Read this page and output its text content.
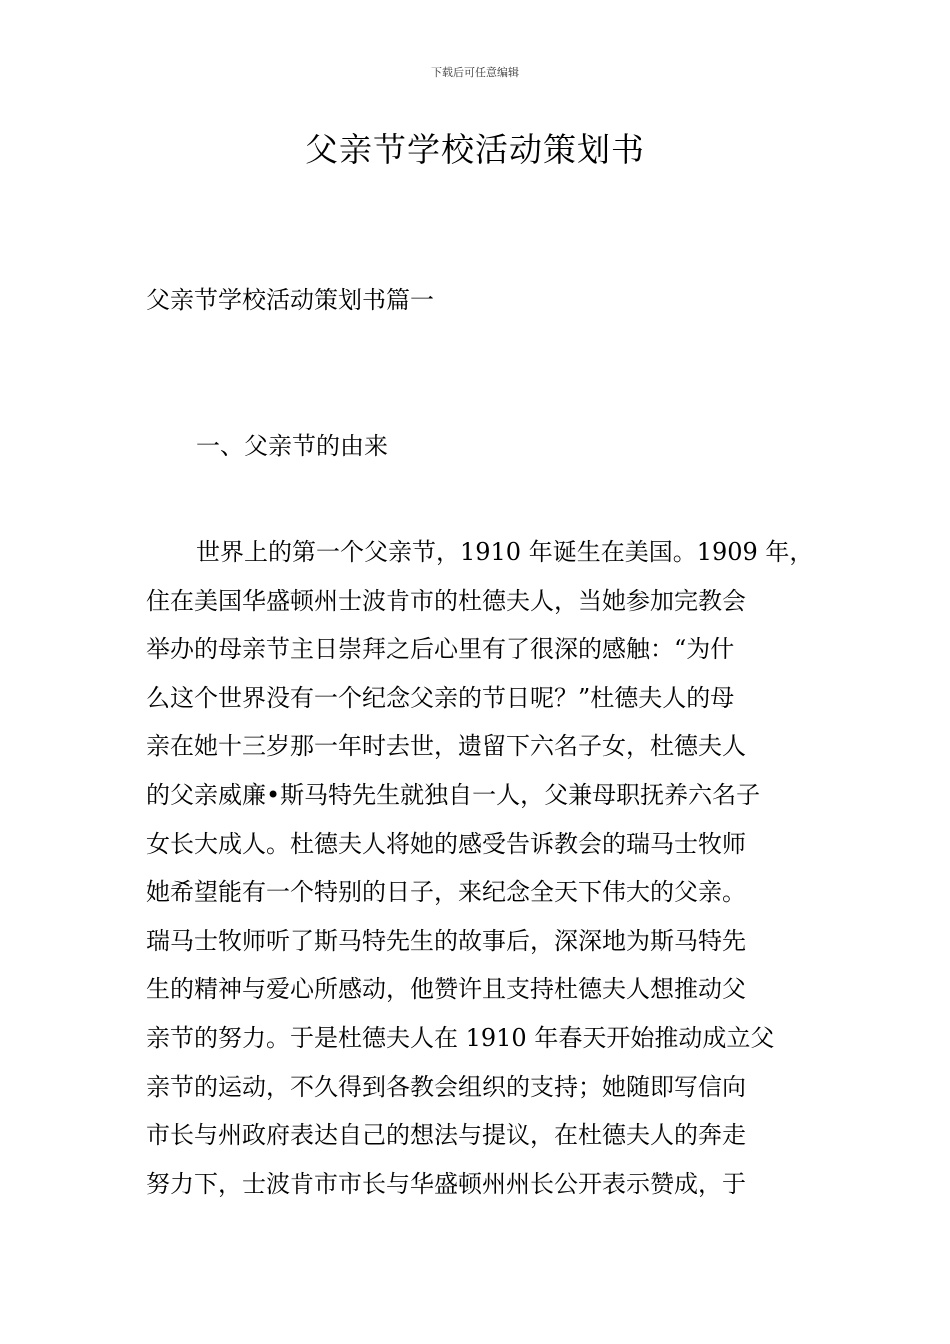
下载后可任意编辑
父亲节学校活动策划书
父亲节学校活动策划书篇一
一、父亲节的由来

世界上的第一个父亲节，1910 年诞生在美国。1909 年，
住在美国华盛顿州士波肯市的杜德夫人，当她参加完教会
举办的母亲节主日崇拜之后心里有了很深的感触：“为什
么这个世界没有一个纪念父亲的节日呢？”杜德夫人的母
亲在她十三岁那一年时去世，遗留下六名子女，杜德夫人
的父亲威廉•斯马特先生就独自一人，父兼母职抚养六名子
女长大成人。杜德夫人将她的感受告诉教会的瑞马士牧师
她希望能有一个特别的日子，来纪念全天下伟大的父亲。
瑞马士牧师听了斯马特先生的故事后，深深地为斯马特先
生的精神与爱心所感动，他赞许且支持杜德夫人想推动父
亲节的努力。于是杜德夫人在 1910 年春天开始推动成立父
亲节的运动，不久得到各教会组织的支持；她随即写信向
市长与州政府表达自己的想法与提议，在杜德夫人的奔走
努力下，士波肯市市长与华盛顿州州长公开表示赞成，于
